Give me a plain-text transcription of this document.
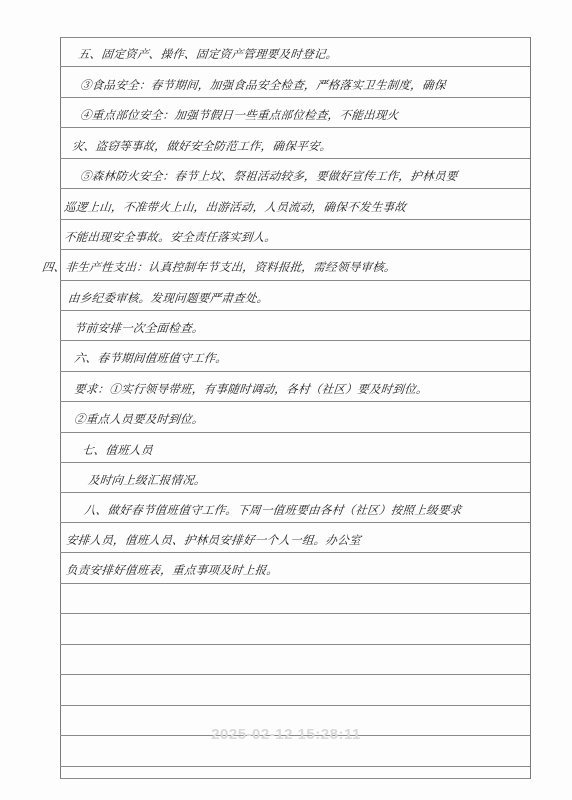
五、固定资产、操作、固定资产管理要及时登记。
③食品安全：春节期间，加强食品安全检查，严格落实卫生制度，确保
④重点部位安全：加强节假日一些重点部位检查，不能出现火
灾、盗窃等事故，做好安全防范工作，确保平安。
⑤森林防火安全：春节上坟、祭祖活动较多，要做好宣传工作，护林员要
巡逻上山，不准带火上山，出游活动，人员流动，确保不发生事故
不能出现安全事故。安全责任落实到人。
四、非生产性支出：认真控制年节支出，资料报批，需经领导审核。
由乡纪委审核。发现问题要严肃查处。
节前安排一次全面检查。
六、春节期间值班值守工作。
要求：①实行领导带班，有事随时调动，各村（社区）要及时到位。
②重点人员要及时到位。
七、值班人员
及时向上级汇报情况。
八、做好春节值班值守工作。下周一值班要由各村（社区）按照上级要求
安排人员，值班人员、护林员安排好一个人一组。办公室
负责安排好值班表，重点事项及时上报。
2025-02-12 15:28:11
